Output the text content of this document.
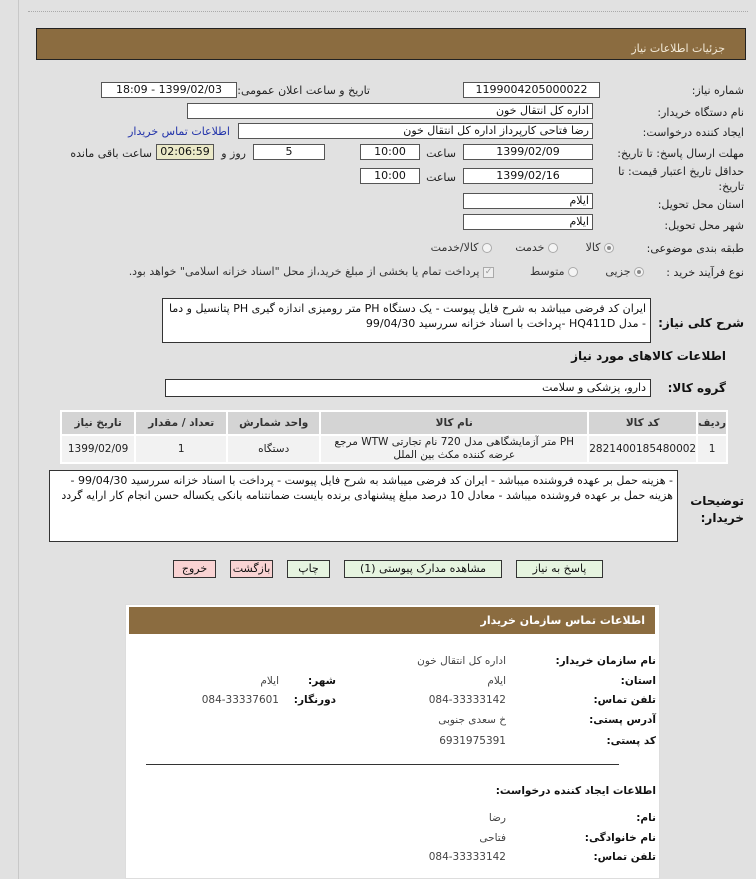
جزئیات اطلاعات نیاز
شماره نیاز:
1199004205000022
تاریخ و ساعت اعلان عمومی:
1399/02/03 - 18:09
نام دستگاه خریدار:
اداره کل انتقال خون
ایجاد کننده درخواست:
رضا فتاحی کارپرداز اداره کل انتقال خون
اطلاعات تماس خریدار
مهلت ارسال پاسخ: تا تاریخ:
1399/02/09
ساعت
10:00
5
روز و
02:06:59
ساعت باقی مانده
حداقل تاریخ اعتبار قیمت: تا تاریخ:
1399/02/16
ساعت
10:00
استان محل تحویل:
ایلام
شهر محل تحویل:
ایلام
طبقه بندی موضوعی:
کالا
خدمت
کالا/خدمت
نوع فرآیند خرید :
جزیی
متوسط
✓ پرداخت تمام یا بخشی از مبلغ خرید،از محل "اسناد خزانه اسلامی" خواهد بود.
شرح کلی نیاز:
ایران کد فرضی میباشد به شرح فایل پیوست - یک دستگاه PH متر رومیزی اندازه گیری PH پتانسیل و دما - مدل HQ411D -پرداخت با اسناد خزانه سررسید 99/04/30
اطلاعات کالاهای مورد نیاز
گروه کالا:
دارو، پزشکی و سلامت
ردیف	کد کالا	نام کالا	واحد شمارش	تعداد / مقدار	تاریخ نیاز
1	2821400185480002	PH متر آزمایشگاهی مدل 720 نام تجارتی WTW مرجع عرضه کننده مکث بین الملل	دستگاه	1	1399/02/09
توضیحات خریدار:
- هزینه حمل بر عهده فروشنده میباشد - ایران کد فرضی میباشد به شرح فایل پیوست - پرداخت با اسناد خزانه سررسید 99/04/30 - هزینه حمل بر عهده فروشنده میباشد - معادل 10 درصد مبلغ پیشنهادی برنده بایست ضمانتنامه بانکی یکساله حسن انجام کار ارایه گردد
پاسخ به نیاز
مشاهده مدارک پیوستی (1)
چاپ
بازگشت
خروج
اطلاعات تماس سازمان خریدار
نام سازمان خریدار:
اداره کل انتقال خون
استان:
ایلام
شهر:
ایلام
تلفن تماس:
084-33333142
دورنگار:
084-33337601
آدرس پستی:
خ سعدی جنوبی
کد پستی:
6931975391
اطلاعات ایجاد کننده درخواست:
نام:
رضا
نام خانوادگی:
فتاحی
تلفن تماس:
084-33333142
